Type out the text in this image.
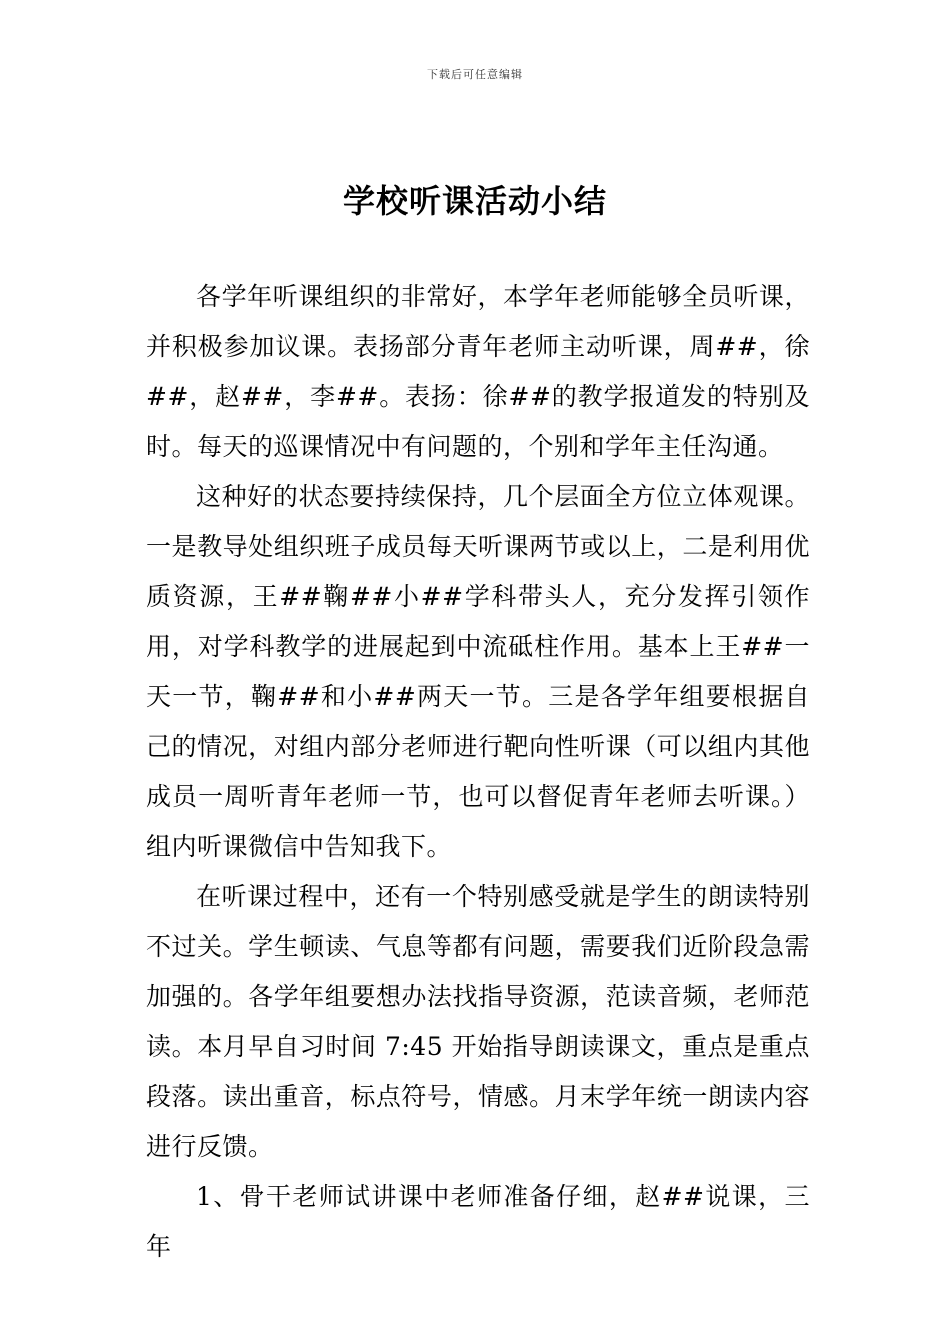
下载后可任意编辑
学校听课活动小结

各学年听课组织的非常好，本学年老师能够全员听课，并积极参加议课。表扬部分青年老师主动听课，周##，徐##，赵##，李##。表扬：徐##的教学报道发的特别及时。每天的巡课情况中有问题的，个别和学年主任沟通。

这种好的状态要持续保持，几个层面全方位立体观课。一是教导处组织班子成员每天听课两节或以上，二是利用优质资源，王##鞠##小##学科带头人，充分发挥引领作用，对学科教学的进展起到中流砥柱作用。基本上王##一天一节，鞠##和小##两天一节。三是各学年组要根据自己的情况，对组内部分老师进行靶向性听课（可以组内其他成员一周听青年老师一节，也可以督促青年老师去听课。）组内听课微信中告知我下。

在听课过程中，还有一个特别感受就是学生的朗读特别不过关。学生顿读、气息等都有问题，需要我们近阶段急需加强的。各学年组要想办法找指导资源，范读音频，老师范读。本月早自习时间 7:45 开始指导朗读课文，重点是重点段落。读出重音，标点符号，情感。月末学年统一朗读内容进行反馈。

1、骨干老师试讲课中老师准备仔细，赵##说课，三年
